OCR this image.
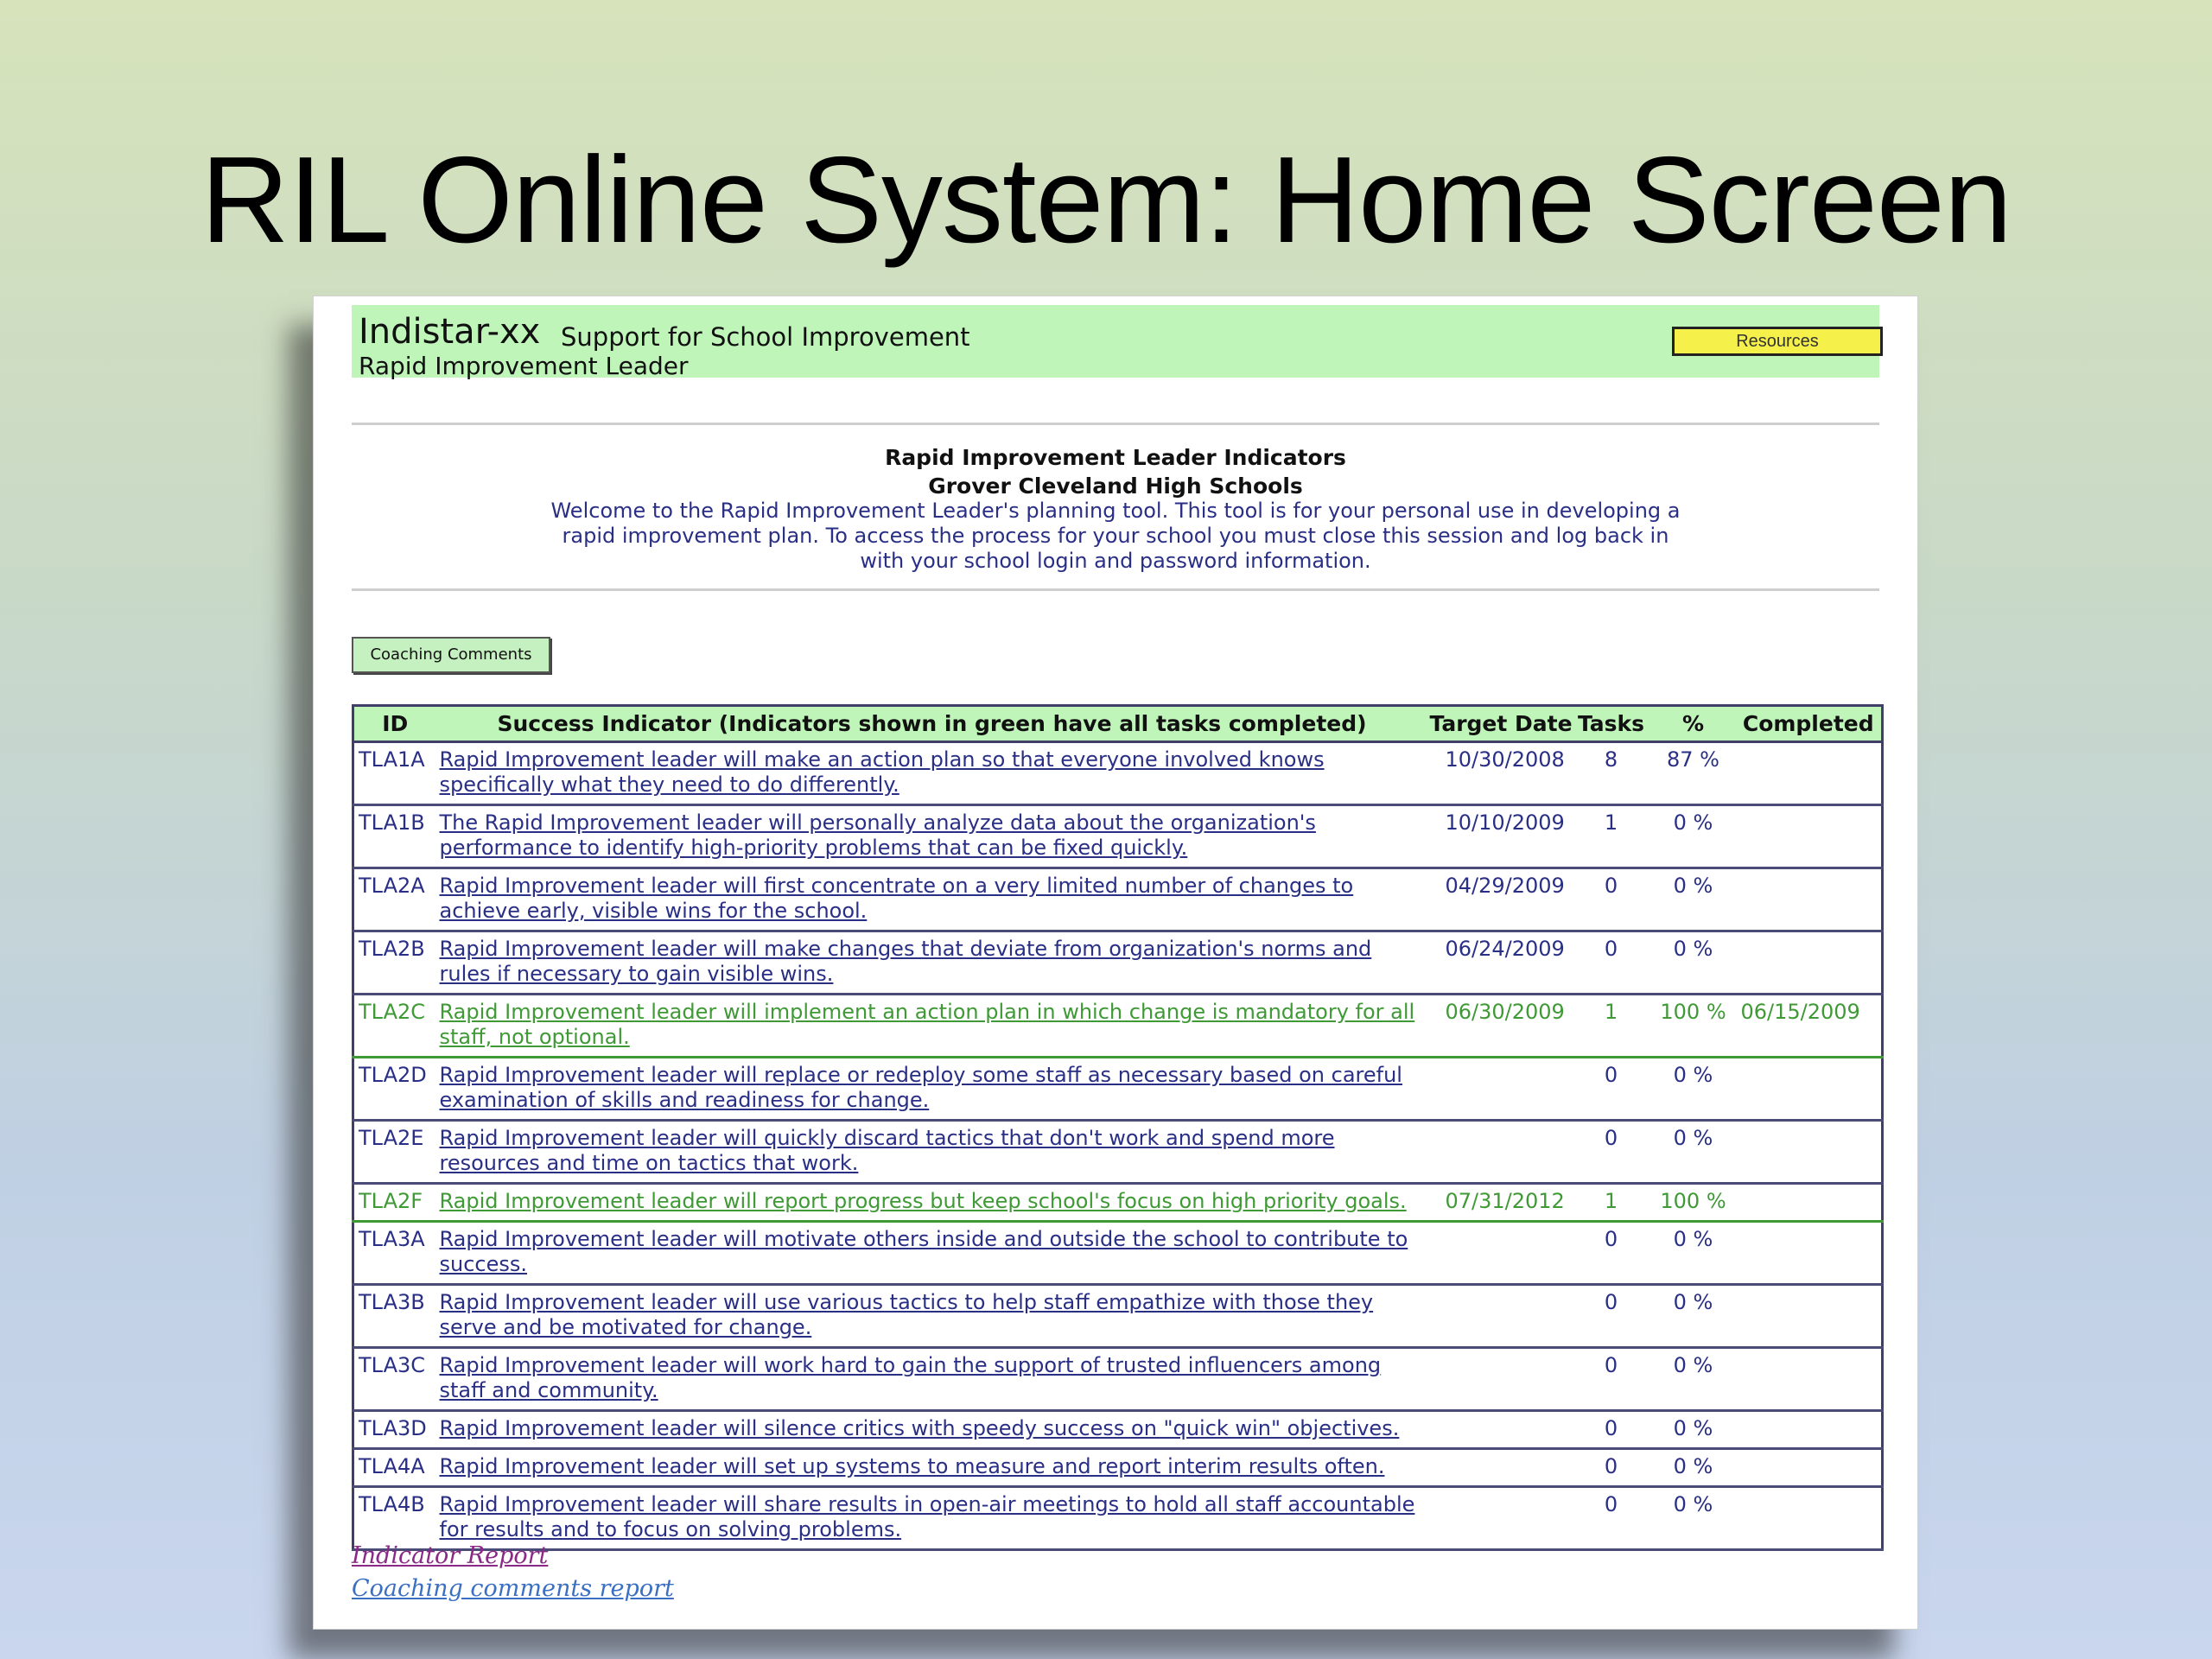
RIL Online System: Home Screen
Indistar-xx Support for School Improvement
Rapid Improvement Leader
Resources
Rapid Improvement Leader Indicators
Grover Cleveland High Schools
Welcome to the Rapid Improvement Leader's planning tool. This tool is for your personal use in developing a
rapid improvement plan. To access the process for your school you must close this session and log back in
with your school login and password information.
Coaching Comments
ID	Success Indicator (Indicators shown in green have all tasks completed)	Target Date	Tasks	%	Completed
TLA1A	Rapid Improvement leader will make an action plan so that everyone involved knows
specifically what they need to do differently.	10/30/2008	8	87 %	
TLA1B	The Rapid Improvement leader will personally analyze data about the organization's
performance to identify high-priority problems that can be fixed quickly.	10/10/2009	1	0 %	
TLA2A	Rapid Improvement leader will first concentrate on a very limited number of changes to
achieve early, visible wins for the school.	04/29/2009	0	0 %	
TLA2B	Rapid Improvement leader will make changes that deviate from organization's norms and
rules if necessary to gain visible wins.	06/24/2009	0	0 %	
TLA2C	Rapid Improvement leader will implement an action plan in which change is mandatory for all
staff, not optional.	06/30/2009	1	100 %	06/15/2009
TLA2D	Rapid Improvement leader will replace or redeploy some staff as necessary based on careful
examination of skills and readiness for change.		0	0 %	
TLA2E	Rapid Improvement leader will quickly discard tactics that don't work and spend more
resources and time on tactics that work.		0	0 %	
TLA2F	Rapid Improvement leader will report progress but keep school's focus on high priority goals.	07/31/2012	1	100 %	
TLA3A	Rapid Improvement leader will motivate others inside and outside the school to contribute to
success.		0	0 %	
TLA3B	Rapid Improvement leader will use various tactics to help staff empathize with those they
serve and be motivated for change.		0	0 %	
TLA3C	Rapid Improvement leader will work hard to gain the support of trusted influencers among
staff and community.		0	0 %	
TLA3D	Rapid Improvement leader will silence critics with speedy success on "quick win" objectives.		0	0 %	
TLA4A	Rapid Improvement leader will set up systems to measure and report interim results often.		0	0 %	
TLA4B	Rapid Improvement leader will share results in open-air meetings to hold all staff accountable
for results and to focus on solving problems.		0	0 %	
Indicator Report
Coaching comments report
